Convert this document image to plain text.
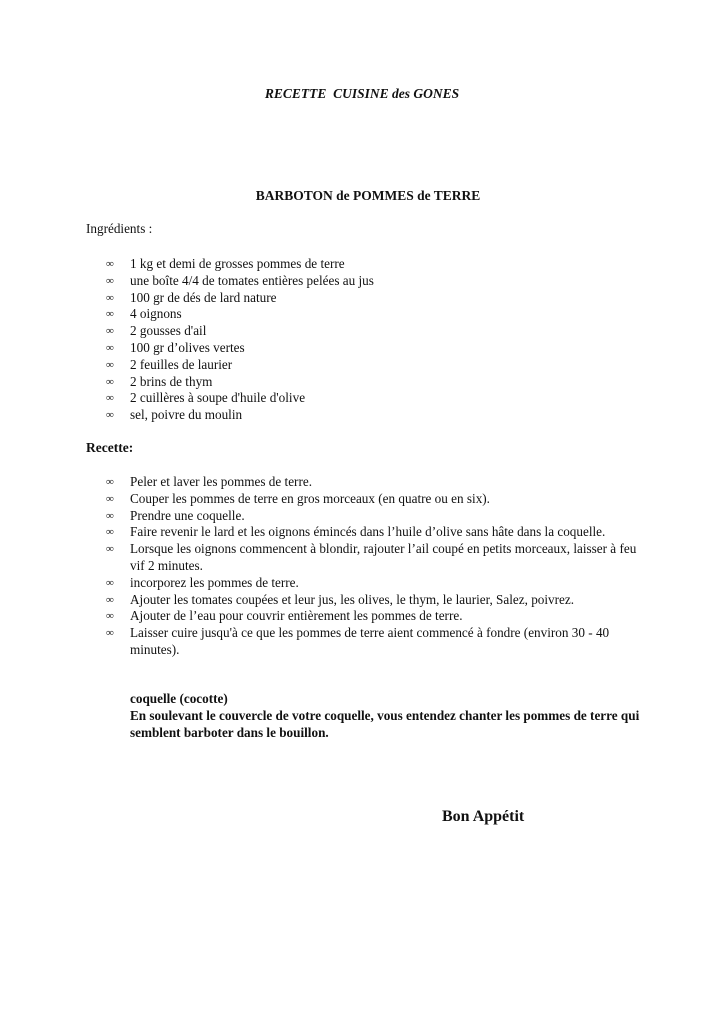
RECETTE  CUISINE des GONES
BARBOTON de POMMES de TERRE
Ingrédients :
∞ 1 kg et demi de grosses pommes de terre
∞ une boîte 4/4 de tomates entières pelées au jus
∞ 100 gr de dés de lard nature
∞ 4 oignons
∞ 2 gousses d'ail
∞ 100 gr d’olives vertes
∞ 2 feuilles de laurier
∞ 2 brins de thym
∞ 2 cuillères à soupe d'huile d'olive
∞ sel, poivre du moulin
Recette:
∞ Peler et laver les pommes de terre.
∞ Couper les pommes de terre en gros morceaux (en quatre ou en six).
∞ Prendre une coquelle.
∞ Faire revenir le lard et les oignons émincés dans l’huile d’olive sans hâte dans la coquelle.
∞ Lorsque les oignons commencent à blondir, rajouter l’ail coupé en petits morceaux, laisser à feu vif 2 minutes.
∞ incorporez les pommes de terre.
∞ Ajouter les tomates coupées et leur jus, les olives, le thym, le laurier, Salez, poivrez.
∞ Ajouter de l’eau pour couvrir entièrement les pommes de terre.
∞ Laisser cuire jusqu'à ce que les pommes de terre aient commencé à fondre (environ 30 - 40 minutes).
coquelle (cocotte)
En soulevant le couvercle de votre coquelle, vous entendez chanter les pommes de terre qui semblent barboter dans le bouillon.
Bon Appétit
